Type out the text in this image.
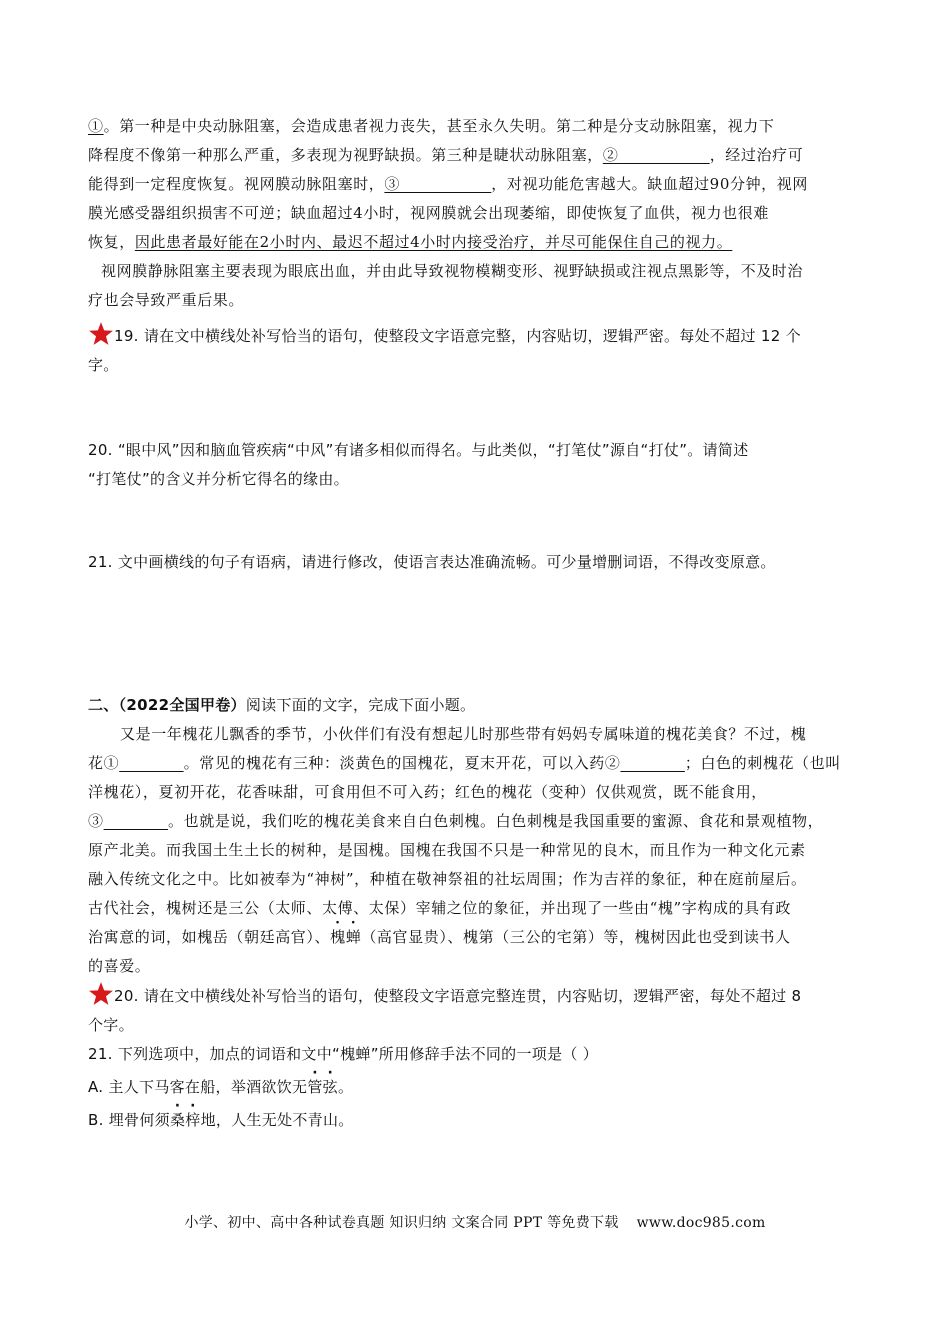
①。第一种是中央动脉阻塞，会造成患者视力丧失，甚至永久失明。第二种是分支动脉阻塞，视力下
降程度不像第一种那么严重，多表现为视野缺损。第三种是睫状动脉阻塞，②	，经过治疗可
能得到一定程度恢复。视网膜动脉阻塞时，③	，对视功能危害越大。缺血超过90分钟，视网
膜光感受器组织损害不可逆；缺血超过4小时，视网膜就会出现萎缩，即使恢复了血供，视力也很难
恢复，因此患者最好能在2小时内、最迟不超过4小时内接受治疗，并尽可能保住自己的视力。
视网膜静脉阻塞主要表现为眼底出血，并由此导致视物模糊变形、视野缺损或注视点黑影等，不及时治
疗也会导致严重后果。
19. 请在文中横线处补写恰当的语句，使整段文字语意完整，内容贴切，逻辑严密。每处不超过 12 个
字。
20. “眼中风”因和脑血管疾病“中风”有诸多相似而得名。与此类似，“打笔仗”源自“打仗”。请简述
“打笔仗”的含义并分析它得名的缘由。
21. 文中画横线的句子有语病，请进行修改，使语言表达准确流畅。可少量增删词语，不得改变原意。
二、（2022全国甲卷）阅读下面的文字，完成下面小题。
又是一年槐花儿飘香的季节，小伙伴们有没有想起儿时那些带有妈妈专属味道的槐花美食？不过，槐
花①	。常见的槐花有三种：淡黄色的国槐花，夏末开花，可以入药②	；白色的刺槐花（也叫
洋槐花），夏初开花，花香味甜，可食用但不可入药；红色的槐花（变种）仅供观赏，既不能食用，
③	。也就是说，我们吃的槐花美食来自白色刺槐。白色刺槐是我国重要的蜜源、食花和景观植物，
原产北美。而我国土生土长的树种，是国槐。国槐在我国不只是一种常见的良木，而且作为一种文化元素
融入传统文化之中。比如被奉为“神树”，种植在敬神祭祖的社坛周围；作为吉祥的象征，种在庭前屋后。
古代社会，槐树还是三公（太师、太傅、太保）宰辅之位的象征，并出现了一些由“槐”字构成的具有政
治寓意的词，如槐岳（朝廷高官）、槐蝉（高官显贵）、槐第（三公的宅第）等，槐树因此也受到读书人
的喜爱。
20. 请在文中横线处补写恰当的语句，使整段文字语意完整连贯，内容贴切，逻辑严密，每处不超过 8
个字。
21. 下列选项中，加点的词语和文中“槐蝉”所用修辞手法不同的一项是（ ）
A. 主人下马客在船，举酒欲饮无管弦。
B. 埋骨何须桑梓地，人生无处不青山。
小学、初中、高中各种试卷真题 知识归纳 文案合同 PPT 等免费下载 www.doc985.com
